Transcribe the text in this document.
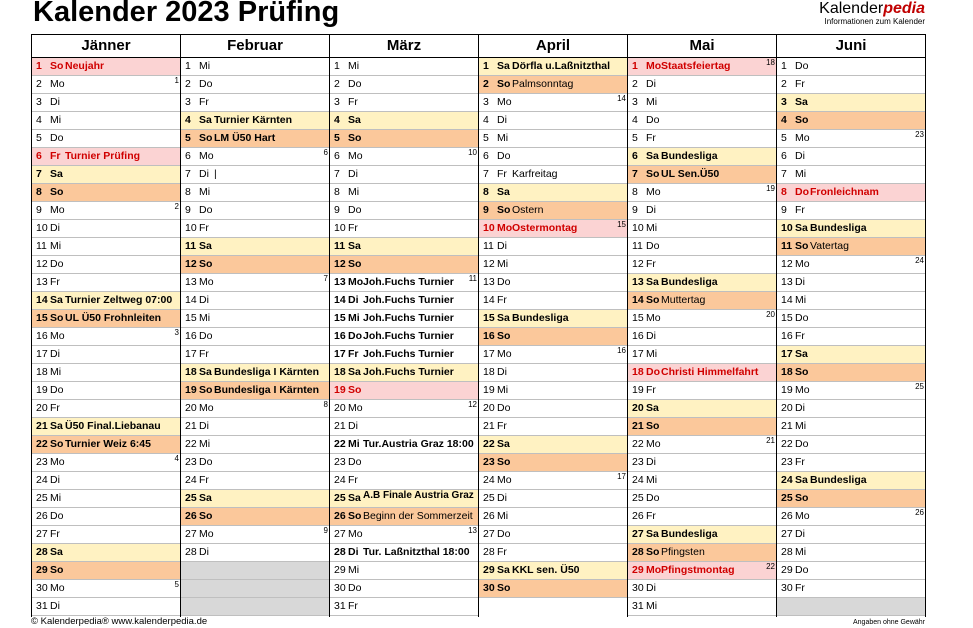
Kalender 2023 Prüfing	Kalenderpedia
Informationen zum Kalender
Jänner
1 So Neujahr
2 Mo	1
3 Di
4 Mi
5 Do
6 Fr Turnier Prüfing
7 Sa
8 So
9 Mo	2
10 Di
11 Mi
12 Do
13 Fr
14 Sa Turnier Zeltweg 07:00
15 So UL Ü50 Frohnleiten
16 Mo	3
17 Di
18 Mi
19 Do
20 Fr
21 Sa Ü50 Final.Liebanau
22 So Turnier Weiz 6:45
23 Mo	4
24 Di
25 Mi
26 Do
27 Fr
28 Sa
29 So
30 Mo	5
31 Di
Februar
1 Mi
2 Do
3 Fr
4 Sa Turnier Kärnten
5 So LM Ü50 Hart
6 Mo	6
7 Di |
8 Mi
9 Do
10 Fr
11 Sa
12 So
13 Mo	7
14 Di
15 Mi
16 Do
17 Fr
18 Sa Bundesliga I Kärnten
19 So Bundesliga I Kärnten
20 Mo	8
21 Di
22 Mi
23 Do
24 Fr
25 Sa
26 So
27 Mo	9
28 Di
März
1 Mi
2 Do
3 Fr
4 Sa
5 So
6 Mo	10
7 Di
8 Mi
9 Do
10 Fr
11 Sa
12 So
13 Mo Joh.Fuchs Turnier 11
14 Di Joh.Fuchs Turnier
15 Mi Joh.Fuchs Turnier
16 Do Joh.Fuchs Turnier
17 Fr Joh.Fuchs Turnier
18 Sa Joh.Fuchs Turnier
19 So
20 Mo	12
21 Di
22 Mi Tur.Austria Graz 18:00
23 Do
24 Fr
25 Sa A.B Finale Austria Graz
26 So Beginn der Sommerzeit
27 Mo	13
28 Di Tur. Laßnitzthal 18:00
29 Mi
30 Do
31 Fr
April
1 Sa Dörfla u.Laßnitzthal
2 So Palmsonntag
3 Mo	14
4 Di
5 Mi
6 Do
7 Fr Karfreitag
8 Sa
9 So Ostern
10 Mo Ostermontag	15
11 Di
12 Mi
13 Do
14 Fr
15 Sa Bundesliga
16 So
17 Mo	16
18 Di
19 Mi
20 Do
21 Fr
22 Sa
23 So
24 Mo	17
25 Di
26 Mi
27 Do
28 Fr
29 Sa KKL sen. Ü50
30 So
Mai
1 Mo Staatsfeiertag	18
2 Di
3 Mi
4 Do
5 Fr
6 Sa Bundesliga
7 So UL Sen.Ü50
8 Mo	19
9 Di
10 Mi
11 Do
12 Fr
13 Sa Bundesliga
14 So Muttertag
15 Mo	20
16 Di
17 Mi
18 Do Christi Himmelfahrt
19 Fr
20 Sa
21 So
22 Mo	21
23 Di
24 Mi
25 Do
26 Fr
27 Sa Bundesliga
28 So Pfingsten
29 Mo Pfingstmontag	22
30 Di
31 Mi
Juni
1 Do
2 Fr
3 Sa
4 So
5 Mo	23
6 Di
7 Mi
8 Do Fronleichnam
9 Fr
10 Sa Bundesliga
11 So Vatertag
12 Mo	24
13 Di
14 Mi
15 Do
16 Fr
17 Sa
18 So
19 Mo	25
20 Di
21 Mi
22 Do
23 Fr
24 Sa Bundesliga
25 So
26 Mo	26
27 Di
28 Mi
29 Do
30 Fr
© Kalenderpedia® www.kalenderpedia.de	Angaben ohne Gewähr
